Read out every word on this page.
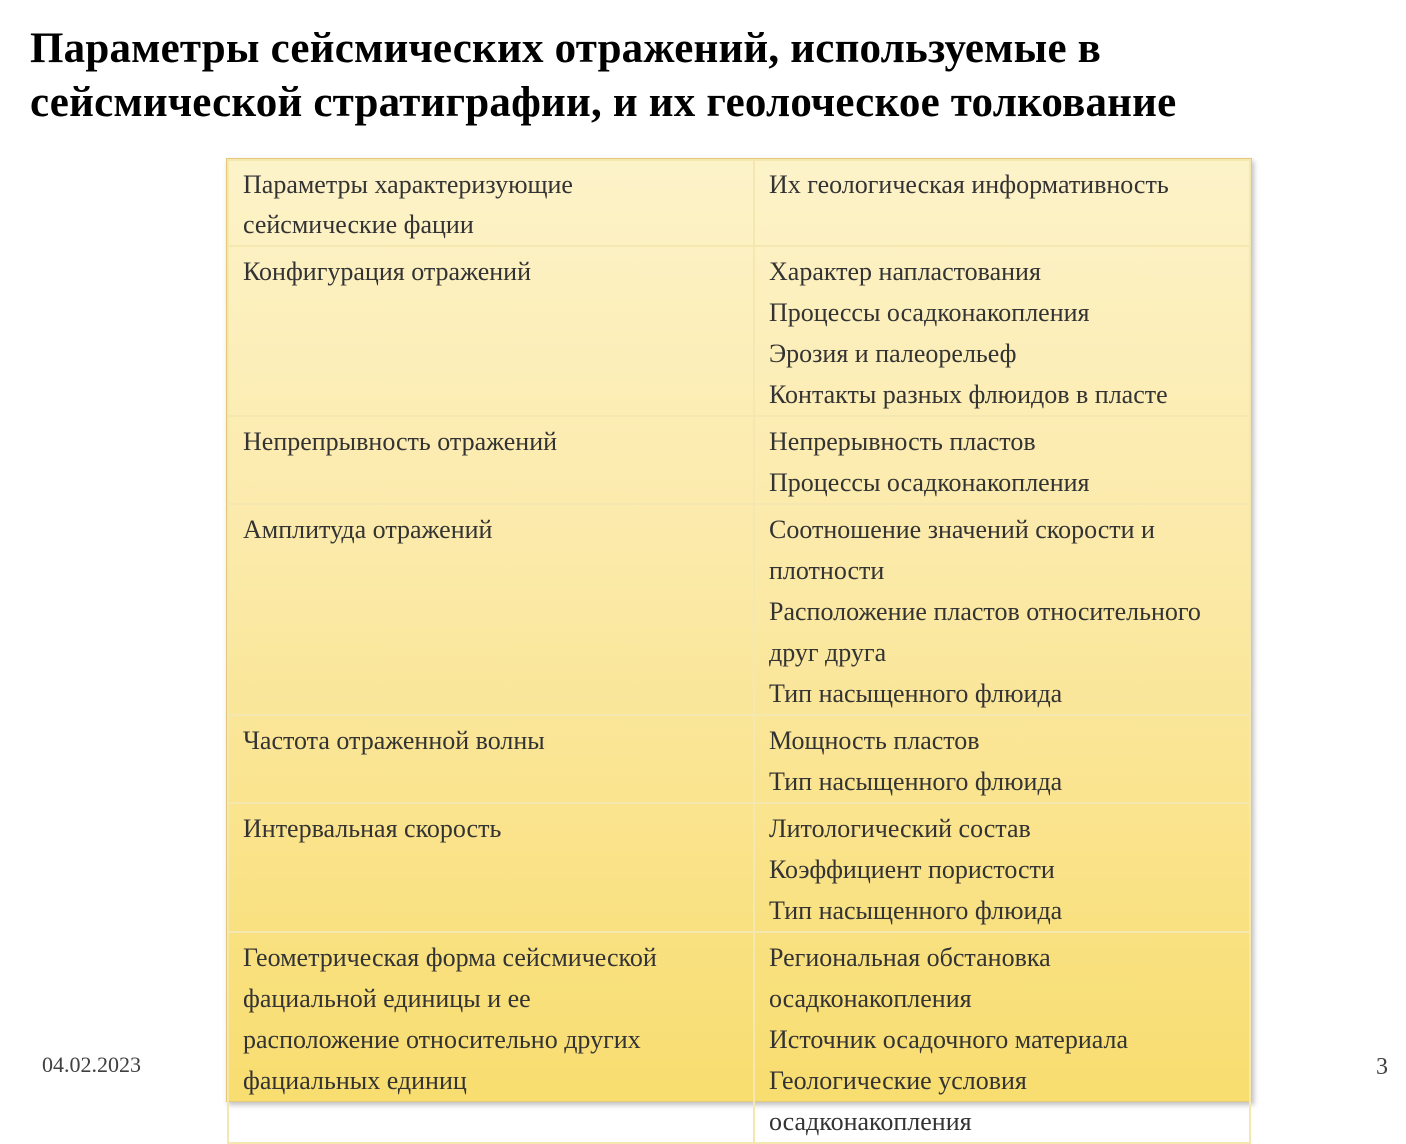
Параметры сейсмических отражений, используемые в
сейсмической стратиграфии, и их геолоческое толкование
Параметры характеризующие
сейсмические фации	Их геологическая информативность

Конфигурация отражений	Характер напластования
Процессы осадконакопления
Эрозия и палеорельеф
Контакты разных флюидов в пласте

Непрепрывность отражений	Непрерывность пластов
Процессы осадконакопления

Амплитуда отражений	Соотношение значений скорости и
плотности
Расположение пластов относительного
друг друга
Тип насыщенного флюида

Частота отраженной волны	Мощность пластов
Тип насыщенного флюида

Интервальная скорость	Литологический состав
Коэффициент пористости
Тип насыщенного флюида

Геометрическая форма сейсмической
фациальной единицы и ее
расположение относительно других
фациальных единиц	Региональная обстановка
осадконакопления
Источник осадочного материала
Геологические условия
осадконакопления
04.02.2023	3
